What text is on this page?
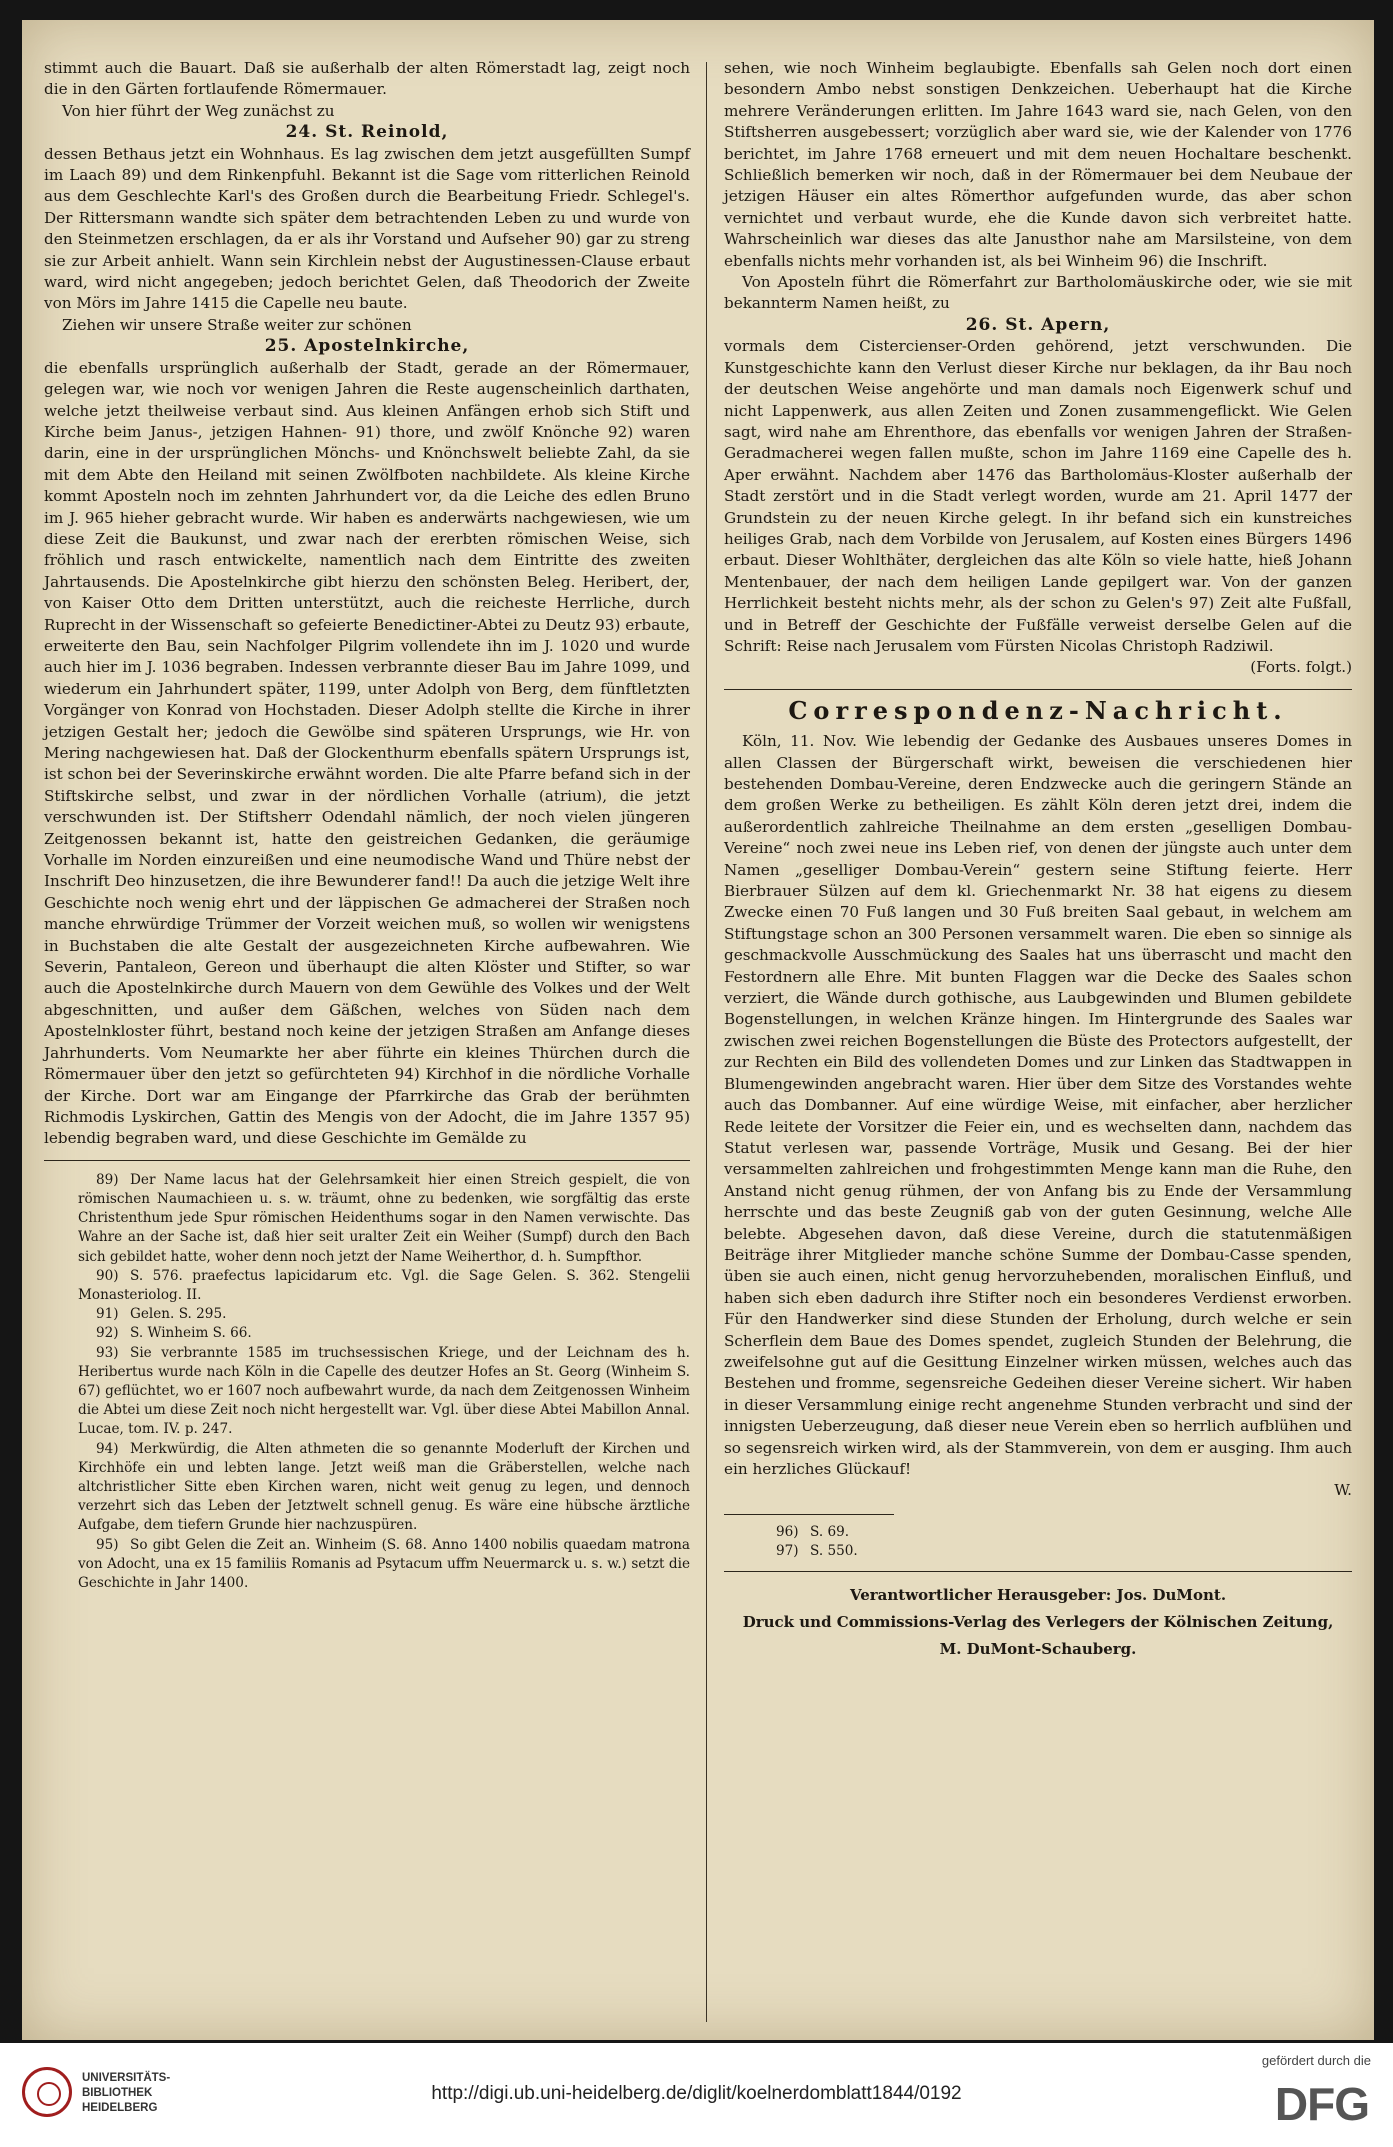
stimmt auch die Bauart. Daß sie außerhalb der alten Römerstadt lag, zeigt noch die in den Gärten fortlaufende Römermauer.

Von hier führt der Weg zunächst zu

24. St. Reinold,

dessen Bethaus jetzt ein Wohnhaus. Es lag zwischen dem jetzt ausgefüllten Sumpf im Laach 89) und dem Rinkenpfuhl. Bekannt ist die Sage vom ritterlichen Reinold aus dem Geschlechte Karl's des Großen durch die Bearbeitung Friedr. Schlegel's. Der Rittersmann wandte sich später dem betrachtenden Leben zu und wurde von den Steinmetzen erschlagen, da er als ihr Vorstand und Aufseher 90) gar zu streng sie zur Arbeit anhielt. Wann sein Kirchlein nebst der Augustinessen-Clause erbaut ward, wird nicht angegeben; jedoch berichtet Gelen, daß Theodorich der Zweite von Mörs im Jahre 1415 die Capelle neu baute.

Ziehen wir unsere Straße weiter zur schönen

25. Apostelnkirche,

die ebenfalls ursprünglich außerhalb der Stadt, gerade an der Römermauer, gelegen war, wie noch vor wenigen Jahren die Reste augenscheinlich darthaten, welche jetzt theilweise verbaut sind. Aus kleinen Anfängen erhob sich Stift und Kirche beim Janus-, jetzigen Hahnen- 91) thore, und zwölf Knönche 92) waren darin, eine in der ursprünglichen Mönchs- und Knönchswelt beliebte Zahl, da sie mit dem Abte den Heiland mit seinen Zwölfboten nachbildete. Als kleine Kirche kommt Aposteln noch im zehnten Jahrhundert vor, da die Leiche des edlen Bruno im J. 965 hieher gebracht wurde. Wir haben es anderwärts nachgewiesen, wie um diese Zeit die Baukunst, und zwar nach der ererbten römischen Weise, sich fröhlich und rasch entwickelte, namentlich nach dem Eintritte des zweiten Jahrtausends. Die Apostelnkirche gibt hierzu den schönsten Beleg. Heribert, der, von Kaiser Otto dem Dritten unterstützt, auch die reicheste Herrliche, durch Ruprecht in der Wissenschaft so gefeierte Benedictiner-Abtei zu Deutz 93) erbaute, erweiterte den Bau, sein Nachfolger Pilgrim vollendete ihn im J. 1020 und wurde auch hier im J. 1036 begraben. Indessen verbrannte dieser Bau im Jahre 1099, und wiederum ein Jahrhundert später, 1199, unter Adolph von Berg, dem fünftletzten Vorgänger von Konrad von Hochstaden. Dieser Adolph stellte die Kirche in ihrer jetzigen Gestalt her; jedoch die Gewölbe sind späteren Ursprungs, wie Hr. von Mering nachgewiesen hat. Daß der Glockenthurm ebenfalls spätern Ursprungs ist, ist schon bei der Severinskirche erwähnt worden. Die alte Pfarre befand sich in der Stiftskirche selbst, und zwar in der nördlichen Vorhalle (atrium), die jetzt verschwunden ist. Der Stiftsherr Odendahl nämlich, der noch vielen jüngeren Zeitgenossen bekannt ist, hatte den geistreichen Gedanken, die geräumige Vorhalle im Norden einzureißen und eine neumodische Wand und Thüre nebst der Inschrift Deo hinzusetzen, die ihre Bewunderer fand!! Da auch die jetzige Welt ihre Geschichte noch wenig ehrt und der läppischen Ge admacherei der Straßen noch manche ehrwürdige Trümmer der Vorzeit weichen muß, so wollen wir wenigstens in Buchstaben die alte Gestalt der ausgezeichneten Kirche aufbewahren. Wie Severin, Pantaleon, Gereon und überhaupt die alten Klöster und Stifter, so war auch die Apostelnkirche durch Mauern von dem Gewühle des Volkes und der Welt abgeschnitten, und außer dem Gäßchen, welches von Süden nach dem Apostelnkloster führt, bestand noch keine der jetzigen Straßen am Anfange dieses Jahrhunderts. Vom Neumarkte her aber führte ein kleines Thürchen durch die Römermauer über den jetzt so gefürchteten 94) Kirchhof in die nördliche Vorhalle der Kirche. Dort war am Eingange der Pfarrkirche das Grab der berühmten Richmodis Lyskirchen, Gattin des Mengis von der Adocht, die im Jahre 1357 95) lebendig begraben ward, und diese Geschichte im Gemälde zu

89) Der Name lacus hat der Gelehrsamkeit hier einen Streich gespielt, die von römischen Naumachieen u. s. w. träumt, ohne zu bedenken, wie sorgfältig das erste Christenthum jede Spur römischen Heidenthums sogar in den Namen verwischte. Das Wahre an der Sache ist, daß hier seit uralter Zeit ein Weiher (Sumpf) durch den Bach sich gebildet hatte, woher denn noch jetzt der Name Weiherthor, d. h. Sumpfthor.

90) S. 576. praefectus lapicidarum etc. Vgl. die Sage Gelen. S. 362. Stengelii Monasteriolog. II.

91) Gelen. S. 295.

92) S. Winheim S. 66.

93) Sie verbrannte 1585 im truchsessischen Kriege, und der Leichnam des h. Heribertus wurde nach Köln in die Capelle des deutzer Hofes an St. Georg (Winheim S. 67) geflüchtet, wo er 1607 noch aufbewahrt wurde, da nach dem Zeitgenossen Winheim die Abtei um diese Zeit noch nicht hergestellt war. Vgl. über diese Abtei Mabillon Annal. Lucae, tom. IV. p. 247.

94) Merkwürdig, die Alten athmeten die so genannte Moderluft der Kirchen und Kirchhöfe ein und lebten lange. Jetzt weiß man die Gräberstellen, welche nach altchristlicher Sitte eben Kirchen waren, nicht weit genug zu legen, und dennoch verzehrt sich das Leben der Jetztwelt schnell genug. Es wäre eine hübsche ärztliche Aufgabe, dem tiefern Grunde hier nachzuspüren.

95) So gibt Gelen die Zeit an. Winheim (S. 68. Anno 1400 nobilis quaedam matrona von Adocht, una ex 15 familiis Romanis ad Psytacum uffm Neuermarck u. s. w.) setzt die Geschichte in Jahr 1400.

sehen, wie noch Winheim beglaubigte. Ebenfalls sah Gelen noch dort einen besondern Ambo nebst sonstigen Denkzeichen. Ueberhaupt hat die Kirche mehrere Veränderungen erlitten. Im Jahre 1643 ward sie, nach Gelen, von den Stiftsherren ausgebessert; vorzüglich aber ward sie, wie der Kalender von 1776 berichtet, im Jahre 1768 erneuert und mit dem neuen Hochaltare beschenkt. Schließlich bemerken wir noch, daß in der Römermauer bei dem Neubaue der jetzigen Häuser ein altes Römerthor aufgefunden wurde, das aber schon vernichtet und verbaut wurde, ehe die Kunde davon sich verbreitet hatte. Wahrscheinlich war dieses das alte Janusthor nahe am Marsilsteine, von dem ebenfalls nichts mehr vorhanden ist, als bei Winheim 96) die Inschrift.

Von Aposteln führt die Römerfahrt zur Bartholomäuskirche oder, wie sie mit bekannterm Namen heißt, zu

26. St. Apern,

vormals dem Cistercienser-Orden gehörend, jetzt verschwunden. Die Kunstgeschichte kann den Verlust dieser Kirche nur beklagen, da ihr Bau noch der deutschen Weise angehörte und man damals noch Eigenwerk schuf und nicht Lappenwerk, aus allen Zeiten und Zonen zusammengeflickt. Wie Gelen sagt, wird nahe am Ehrenthore, das ebenfalls vor wenigen Jahren der Straßen-Geradmacherei wegen fallen mußte, schon im Jahre 1169 eine Capelle des h. Aper erwähnt. Nachdem aber 1476 das Bartholomäus-Kloster außerhalb der Stadt zerstört und in die Stadt verlegt worden, wurde am 21. April 1477 der Grundstein zu der neuen Kirche gelegt. In ihr befand sich ein kunstreiches heiliges Grab, nach dem Vorbilde von Jerusalem, auf Kosten eines Bürgers 1496 erbaut. Dieser Wohlthäter, dergleichen das alte Köln so viele hatte, hieß Johann Mentenbauer, der nach dem heiligen Lande gepilgert war. Von der ganzen Herrlichkeit besteht nichts mehr, als der schon zu Gelen's 97) Zeit alte Fußfall, und in Betreff der Geschichte der Fußfälle verweist derselbe Gelen auf die Schrift: Reise nach Jerusalem vom Fürsten Nicolas Christoph Radziwil.

(Forts. folgt.)

Correspondenz-Nachricht.

Köln, 11. Nov. Wie lebendig der Gedanke des Ausbaues unseres Domes in allen Classen der Bürgerschaft wirkt, beweisen die verschiedenen hier bestehenden Dombau-Vereine, deren Endzwecke auch die geringern Stände an dem großen Werke zu betheiligen. Es zählt Köln deren jetzt drei, indem die außerordentlich zahlreiche Theilnahme an dem ersten „geselligen Dombau-Vereine“ noch zwei neue ins Leben rief, von denen der jüngste auch unter dem Namen „geselliger Dombau-Verein“ gestern seine Stiftung feierte. Herr Bierbrauer Sülzen auf dem kl. Griechenmarkt Nr. 38 hat eigens zu diesem Zwecke einen 70 Fuß langen und 30 Fuß breiten Saal gebaut, in welchem am Stiftungstage schon an 300 Personen versammelt waren. Die eben so sinnige als geschmackvolle Ausschmückung des Saales hat uns überrascht und macht den Festordnern alle Ehre. Mit bunten Flaggen war die Decke des Saales schon verziert, die Wände durch gothische, aus Laubgewinden und Blumen gebildete Bogenstellungen, in welchen Kränze hingen. Im Hintergrunde des Saales war zwischen zwei reichen Bogenstellungen die Büste des Protectors aufgestellt, der zur Rechten ein Bild des vollendeten Domes und zur Linken das Stadtwappen in Blumengewinden angebracht waren. Hier über dem Sitze des Vorstandes wehte auch das Dombanner. Auf eine würdige Weise, mit einfacher, aber herzlicher Rede leitete der Vorsitzer die Feier ein, und es wechselten dann, nachdem das Statut verlesen war, passende Vorträge, Musik und Gesang. Bei der hier versammelten zahlreichen und frohgestimmten Menge kann man die Ruhe, den Anstand nicht genug rühmen, der von Anfang bis zu Ende der Versammlung herrschte und das beste Zeugniß gab von der guten Gesinnung, welche Alle belebte. Abgesehen davon, daß diese Vereine, durch die statutenmäßigen Beiträge ihrer Mitglieder manche schöne Summe der Dombau-Casse spenden, üben sie auch einen, nicht genug hervorzuhebenden, moralischen Einfluß, und haben sich eben dadurch ihre Stifter noch ein besonderes Verdienst erworben. Für den Handwerker sind diese Stunden der Erholung, durch welche er sein Scherflein dem Baue des Domes spendet, zugleich Stunden der Belehrung, die zweifelsohne gut auf die Gesittung Einzelner wirken müssen, welches auch das Bestehen und fromme, segensreiche Gedeihen dieser Vereine sichert. Wir haben in dieser Versammlung einige recht angenehme Stunden verbracht und sind der innigsten Ueberzeugung, daß dieser neue Verein eben so herrlich aufblühen und so segensreich wirken wird, als der Stammverein, von dem er ausging. Ihm auch ein herzliches Glückauf!

W.

96) S. 69.

97) S. 550.

Verantwortlicher Herausgeber: Jos. DuMont.
Druck und Commissions-Verlag des Verlegers der Kölnischen Zeitung,
M. DuMont-Schauberg.
UNIVERSITÄTS-
BIBLIOTHEK
HEIDELBERG
http://digi.ub.uni-heidelberg.de/diglit/koelnerdomblatt1844/0192
gefördert durch die
DFG
